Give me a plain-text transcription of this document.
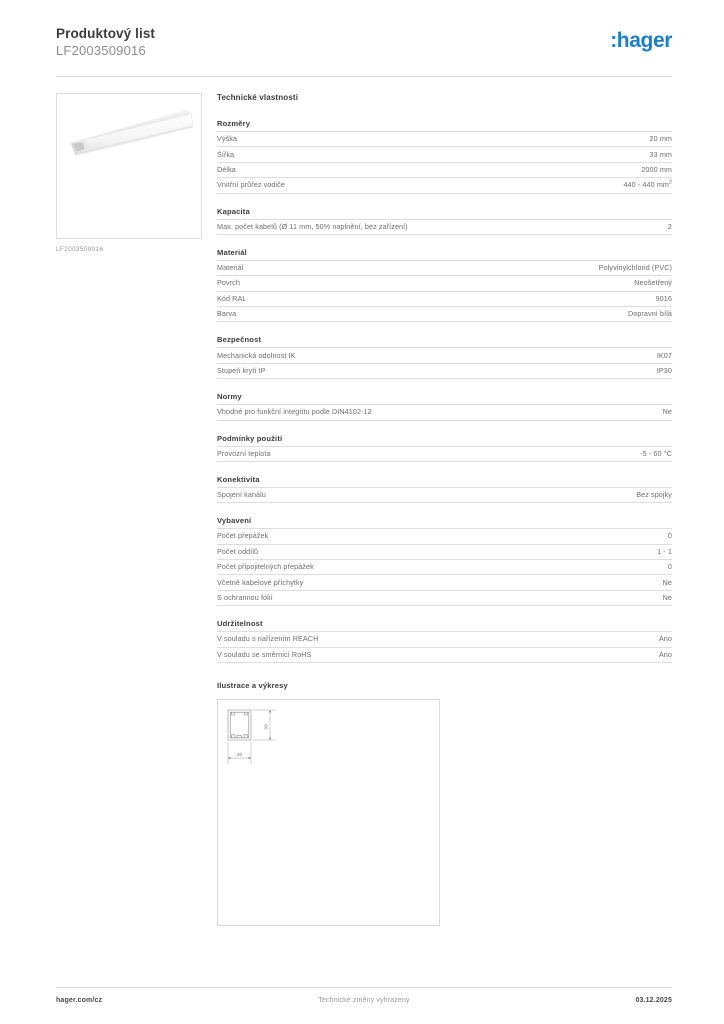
Produktový list
LF2003509016	:hager
LF2003509016
Technické vlastnosti
Rozměry
Výška	20 mm
Šířka	33 mm
Délka	2000 mm
Vnitřní průřez vodiče	440 - 440 $mm^2$
Kapacita
Max. počet kabelů (Ø 11 mm, 50% naplnění, bez zařízení)	2
Materiál
Materiál	Polyvinylchlorid (PVC)
Povrch	Neošetřený
Kód RAL	9016
Barva	Dopravní bílá
Bezpečnost
Mechanická odolnost IK	IK07
Stupeň krytí IP	IP30
Normy
Vhodné pro funkční integritu podle DIN4102-12	Ne
Podmínky použití
Provozní teplota	-5 - 60 °C
Konektivita
Spojení kanálu	Bez spojky
Vybavení
Počet přepážek	0
Počet oddílů	1 - 1
Počet připojitelných přepážek	0
Včetně kabelové příchytky	Ne
S ochrannou fólií	Ne
Udržitelnost
V souladu s nařízením REACH	Ano
V souladu se směrnicí RoHS	Ano
Ilustrace a výkresy
33
20
hager.com/cz	Technické změny vyhrazeny	03.12.2025
